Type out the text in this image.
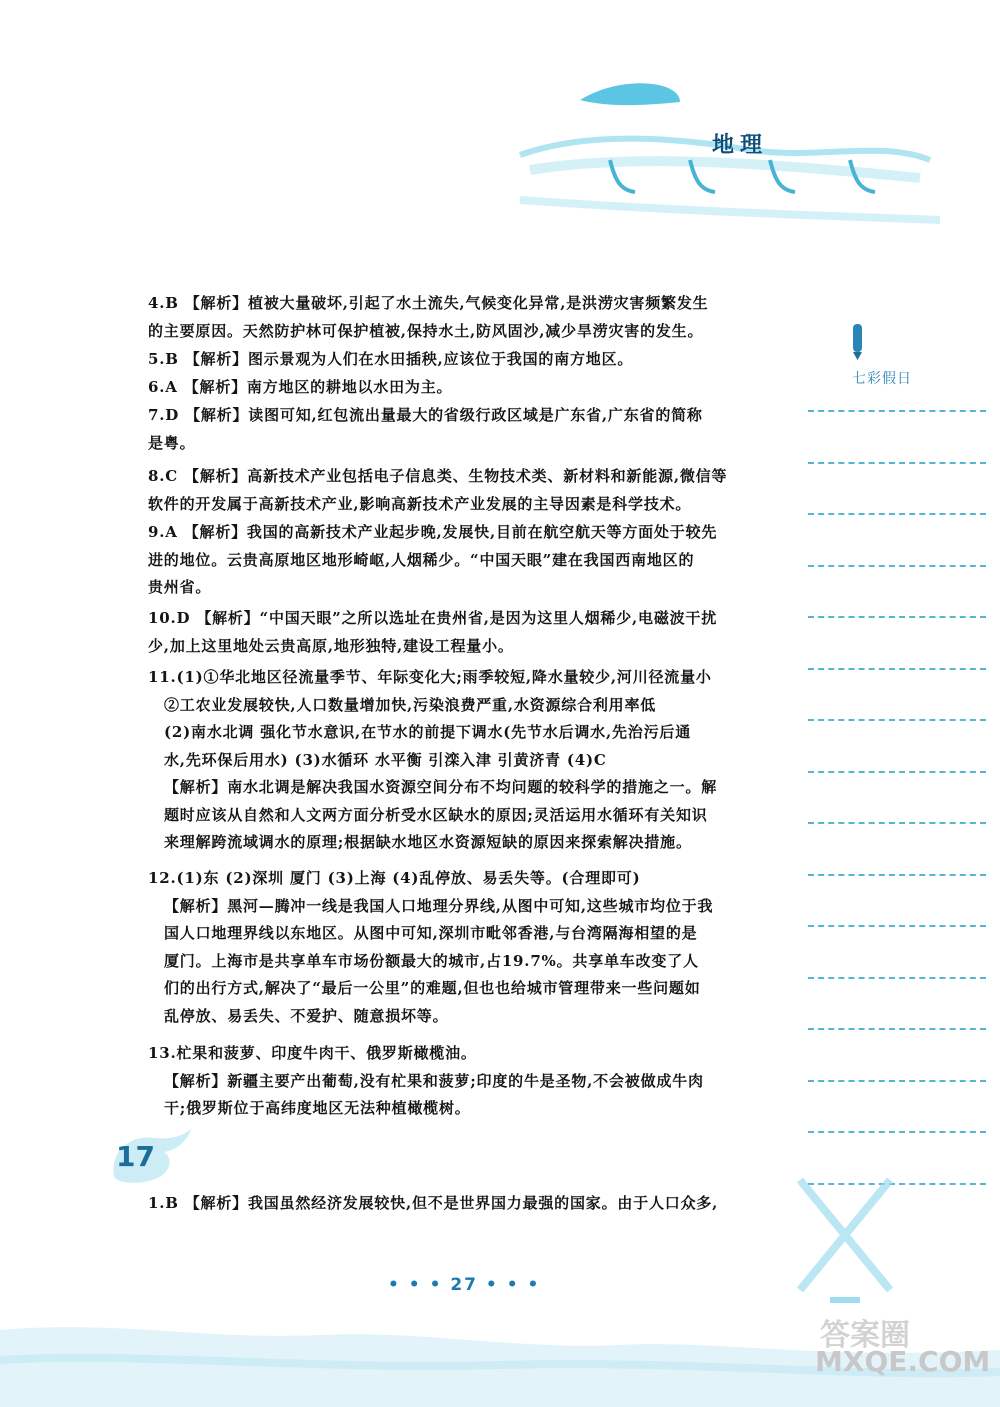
地理
七彩假日
4.B 【解析】植被大量破坏,引起了水土流失,气候变化异常,是洪涝灾害频繁发生
的主要原因。天然防护林可保护植被,保持水土,防风固沙,减少旱涝灾害的发生。
5.B 【解析】图示景观为人们在水田插秧,应该位于我国的南方地区。
6.A 【解析】南方地区的耕地以水田为主。
7.D 【解析】读图可知,红包流出量最大的省级行政区域是广东省,广东省的简称
是粤。
8.C 【解析】高新技术产业包括电子信息类、生物技术类、新材料和新能源,微信等
软件的开发属于高新技术产业,影响高新技术产业发展的主导因素是科学技术。
9.A 【解析】我国的高新技术产业起步晚,发展快,目前在航空航天等方面处于较先
进的地位。云贵高原地区地形崎岖,人烟稀少。“中国天眼”建在我国西南地区的
贵州省。
10.D 【解析】“中国天眼”之所以选址在贵州省,是因为这里人烟稀少,电磁波干扰
少,加上这里地处云贵高原,地形独特,建设工程量小。
11.(1)①华北地区径流量季节、年际变化大;雨季较短,降水量较少,河川径流量小
②工农业发展较快,人口数量增加快,污染浪费严重,水资源综合利用率低
(2)南水北调 强化节水意识,在节水的前提下调水(先节水后调水,先治污后通
水,先环保后用水) (3)水循环 水平衡 引滦入津 引黄济青 (4)C
【解析】南水北调是解决我国水资源空间分布不均问题的较科学的措施之一。解
题时应该从自然和人文两方面分析受水区缺水的原因;灵活运用水循环有关知识
来理解跨流域调水的原理;根据缺水地区水资源短缺的原因来探索解决措施。
12.(1)东 (2)深圳 厦门 (3)上海 (4)乱停放、易丢失等。(合理即可)
【解析】黑河—腾冲一线是我国人口地理分界线,从图中可知,这些城市均位于我
国人口地理界线以东地区。从图中可知,深圳市毗邻香港,与台湾隔海相望的是
厦门。上海市是共享单车市场份额最大的城市,占19.7%。共享单车改变了人
们的出行方式,解决了“最后一公里”的难题,但也也给城市管理带来一些问题如
乱停放、易丢失、不爱护、随意损坏等。
13.杧果和菠萝、印度牛肉干、俄罗斯橄榄油。
【解析】新疆主要产出葡萄,没有杧果和菠萝;印度的牛是圣物,不会被做成牛肉
干;俄罗斯位于高纬度地区无法种植橄榄树。
17
1.B 【解析】我国虽然经济发展较快,但不是世界国力最强的国家。由于人口众多,
• • • 27 • • •
答案圈
MXQE.COM
